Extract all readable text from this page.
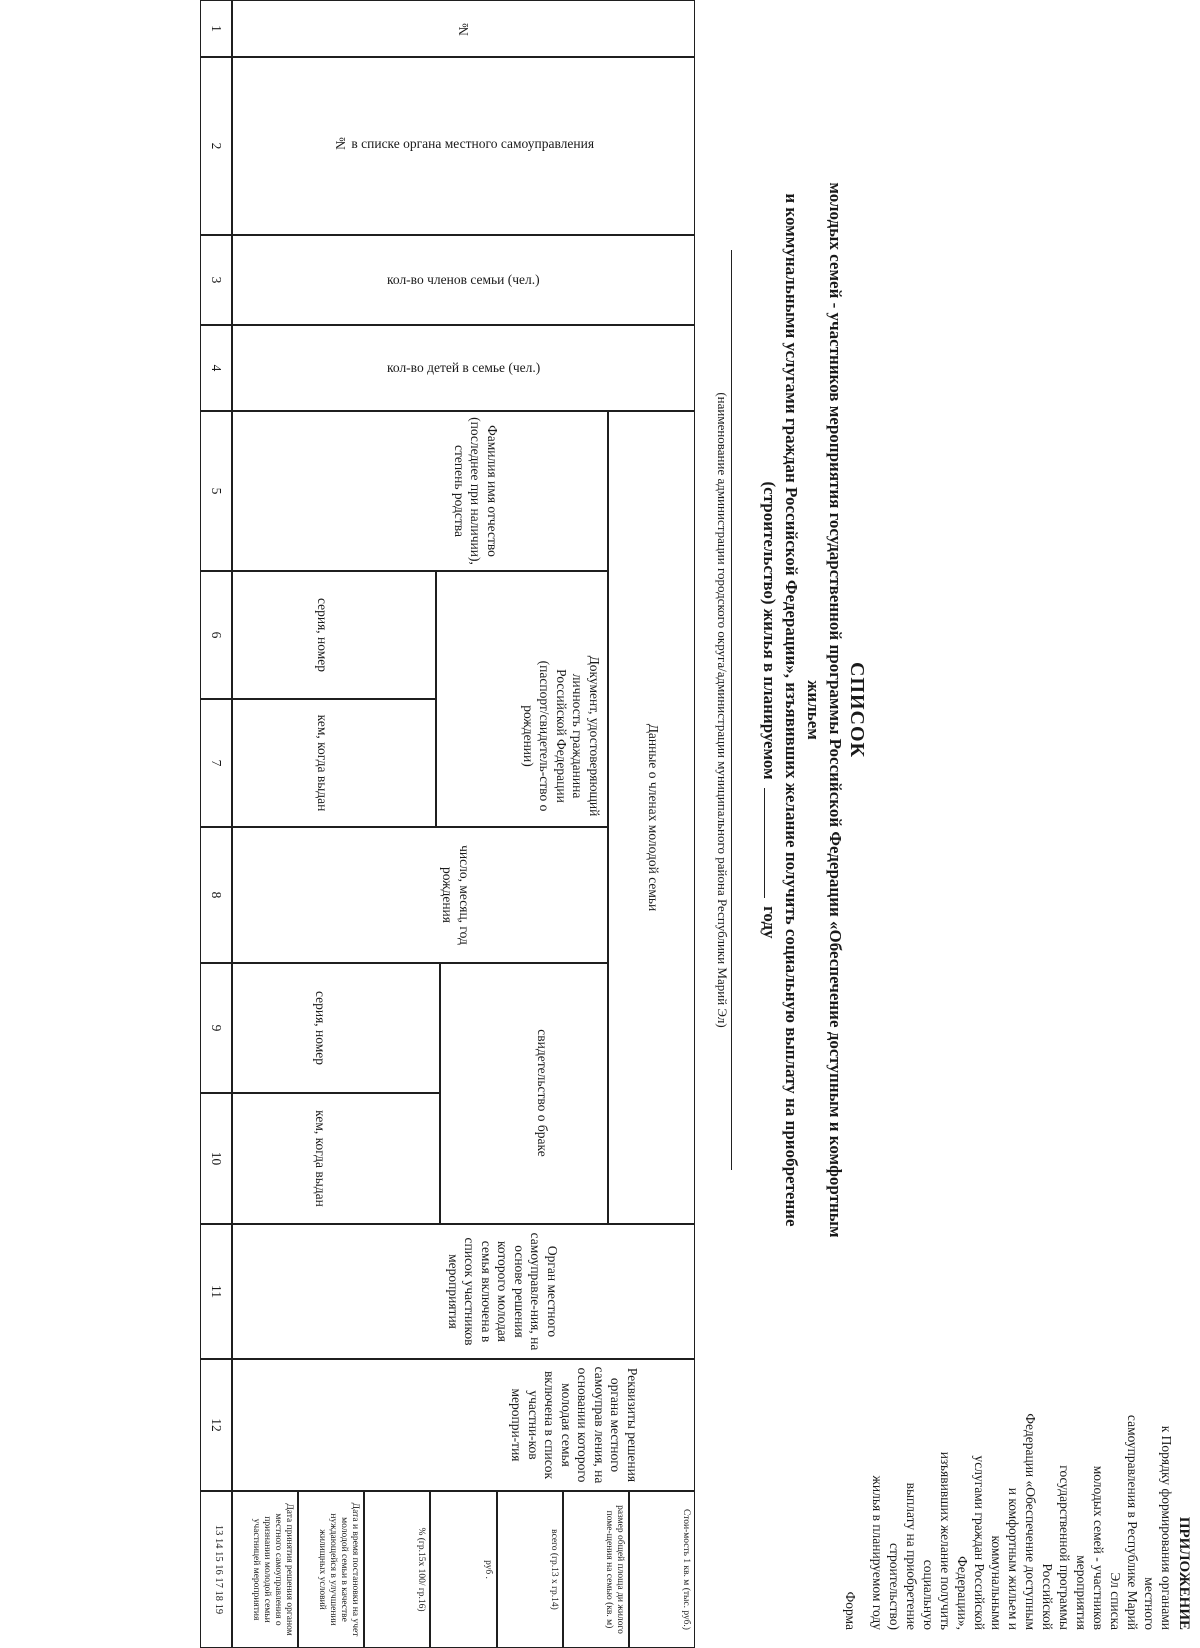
ПРИЛОЖЕНИЕ
к Порядку формирования органами местного
самоуправления в Республике Марий Эл списка
молодых семей - участников мероприятия
государственной программы Российской
Федерации «Обеспечение доступным
и комфортным жильем и коммунальными
услугами граждан Российской Федерации»,
изъявивших желание получить социальную
выплату на приобретение строительство)
жилья в планируемом году
Форма
СПИСОК
молодых семей - участников мероприятия государственной программы Российской Федерации «Обеспечение доступным и комфортным жильем
и коммунальными услугами граждан Российской Федерации», изъявивших желание получить социальную выплату на приобретение
(строительство) жилья в планируемом  году
(наименование администрации городского округа/администрации муниципального района Республики Марий Эл)
№
№ в списке органа местного самоуправления
кол-во членов семьи (чел.)
кол-во детей в семье (чел.)
Данные о членах молодой семьи
Фамилия имя отчество (последнее при наличии), степень родства
Документ, удостоверяющий личность гражданина Российской Федерации (паспорт/свидетель-ство о рождении)
серия, номер
кем, когда выдан
число, месяц, год рождения
свидетельство о браке
серия, номер
кем, когда выдан
Орган местного самоуправле-ния, на основе решения которого молодая семья включена в список участников мероприятия
Реквизиты решения органа местного самоуправ ления, на основании которого молодая семья включена в список участни-ков меропри-тия
Стои-мость 1 кв. м (тыс. руб.)
размер общей площа ди жилого поме-щения на семью (кв. м)
всего (гр.13 х гр.14)
руб .
% (гр.15х 100/ гр.16)
Дата и время постановки на учет молодой семьи в качестве нуждающейся в улучшении жилищных условий
Дата принятия решения органом местного самоуправления о признании молодой семьи участницей мероприятия
1
2
3
4
5
6
7
8
9
10
11
12
13 14 15 16 17 18 19
